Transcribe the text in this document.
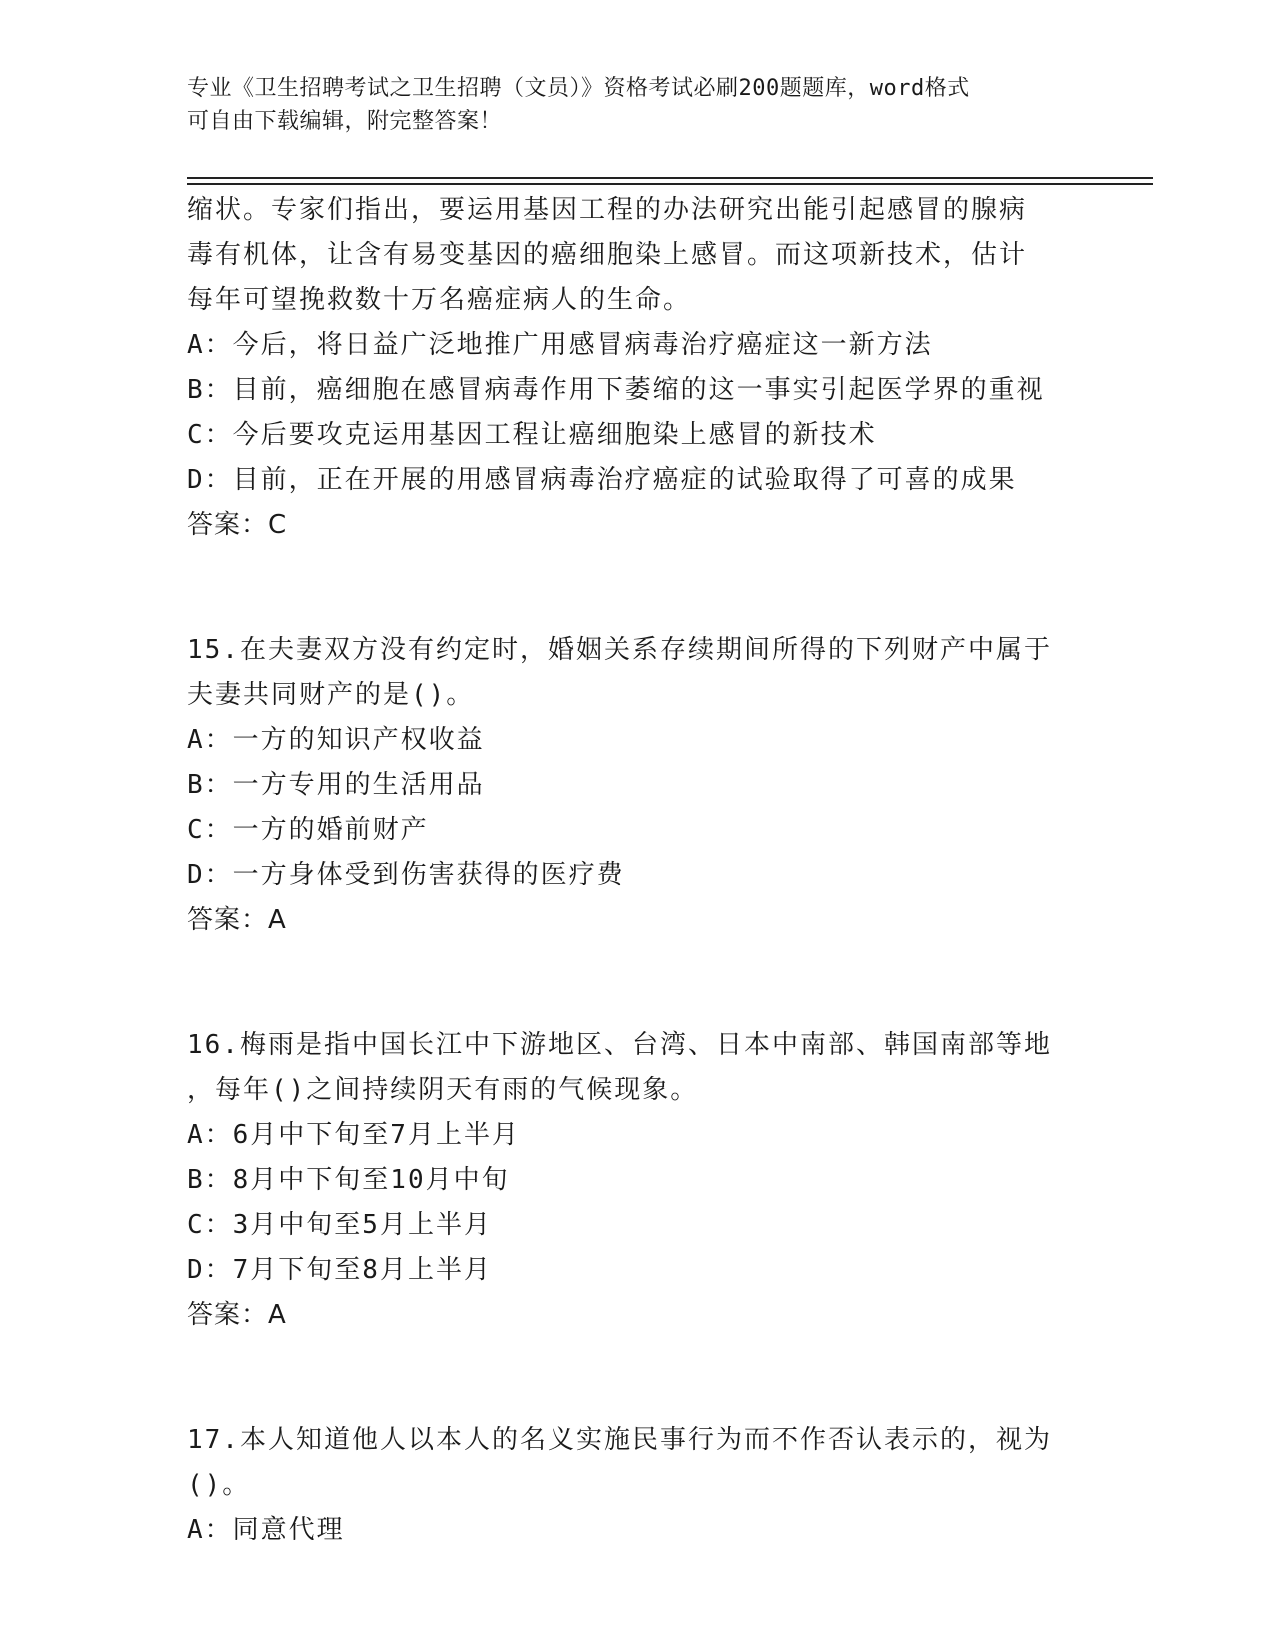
专业《卫生招聘考试之卫生招聘（文员）》资格考试必刷200题题库，word格式
可自由下载编辑，附完整答案！
缩状。专家们指出，要运用基因工程的办法研究出能引起感冒的腺病
毒有机体，让含有易变基因的癌细胞染上感冒。而这项新技术，估计
每年可望挽救数十万名癌症病人的生命。
A：今后，将日益广泛地推广用感冒病毒治疗癌症这一新方法
B：目前，癌细胞在感冒病毒作用下萎缩的这一事实引起医学界的重视
C：今后要攻克运用基因工程让癌细胞染上感冒的新技术
D：目前，正在开展的用感冒病毒治疗癌症的试验取得了可喜的成果
答案：C
15.在夫妻双方没有约定时，婚姻关系存续期间所得的下列财产中属于
夫妻共同财产的是()。
A：一方的知识产权收益
B：一方专用的生活用品
C：一方的婚前财产
D：一方身体受到伤害获得的医疗费
答案：A
16.梅雨是指中国长江中下游地区、台湾、日本中南部、韩国南部等地
，每年()之间持续阴天有雨的气候现象。
A：6月中下旬至7月上半月
B：8月中下旬至10月中旬
C：3月中旬至5月上半月
D：7月下旬至8月上半月
答案：A
17.本人知道他人以本人的名义实施民事行为而不作否认表示的，视为
()。
A：同意代理
